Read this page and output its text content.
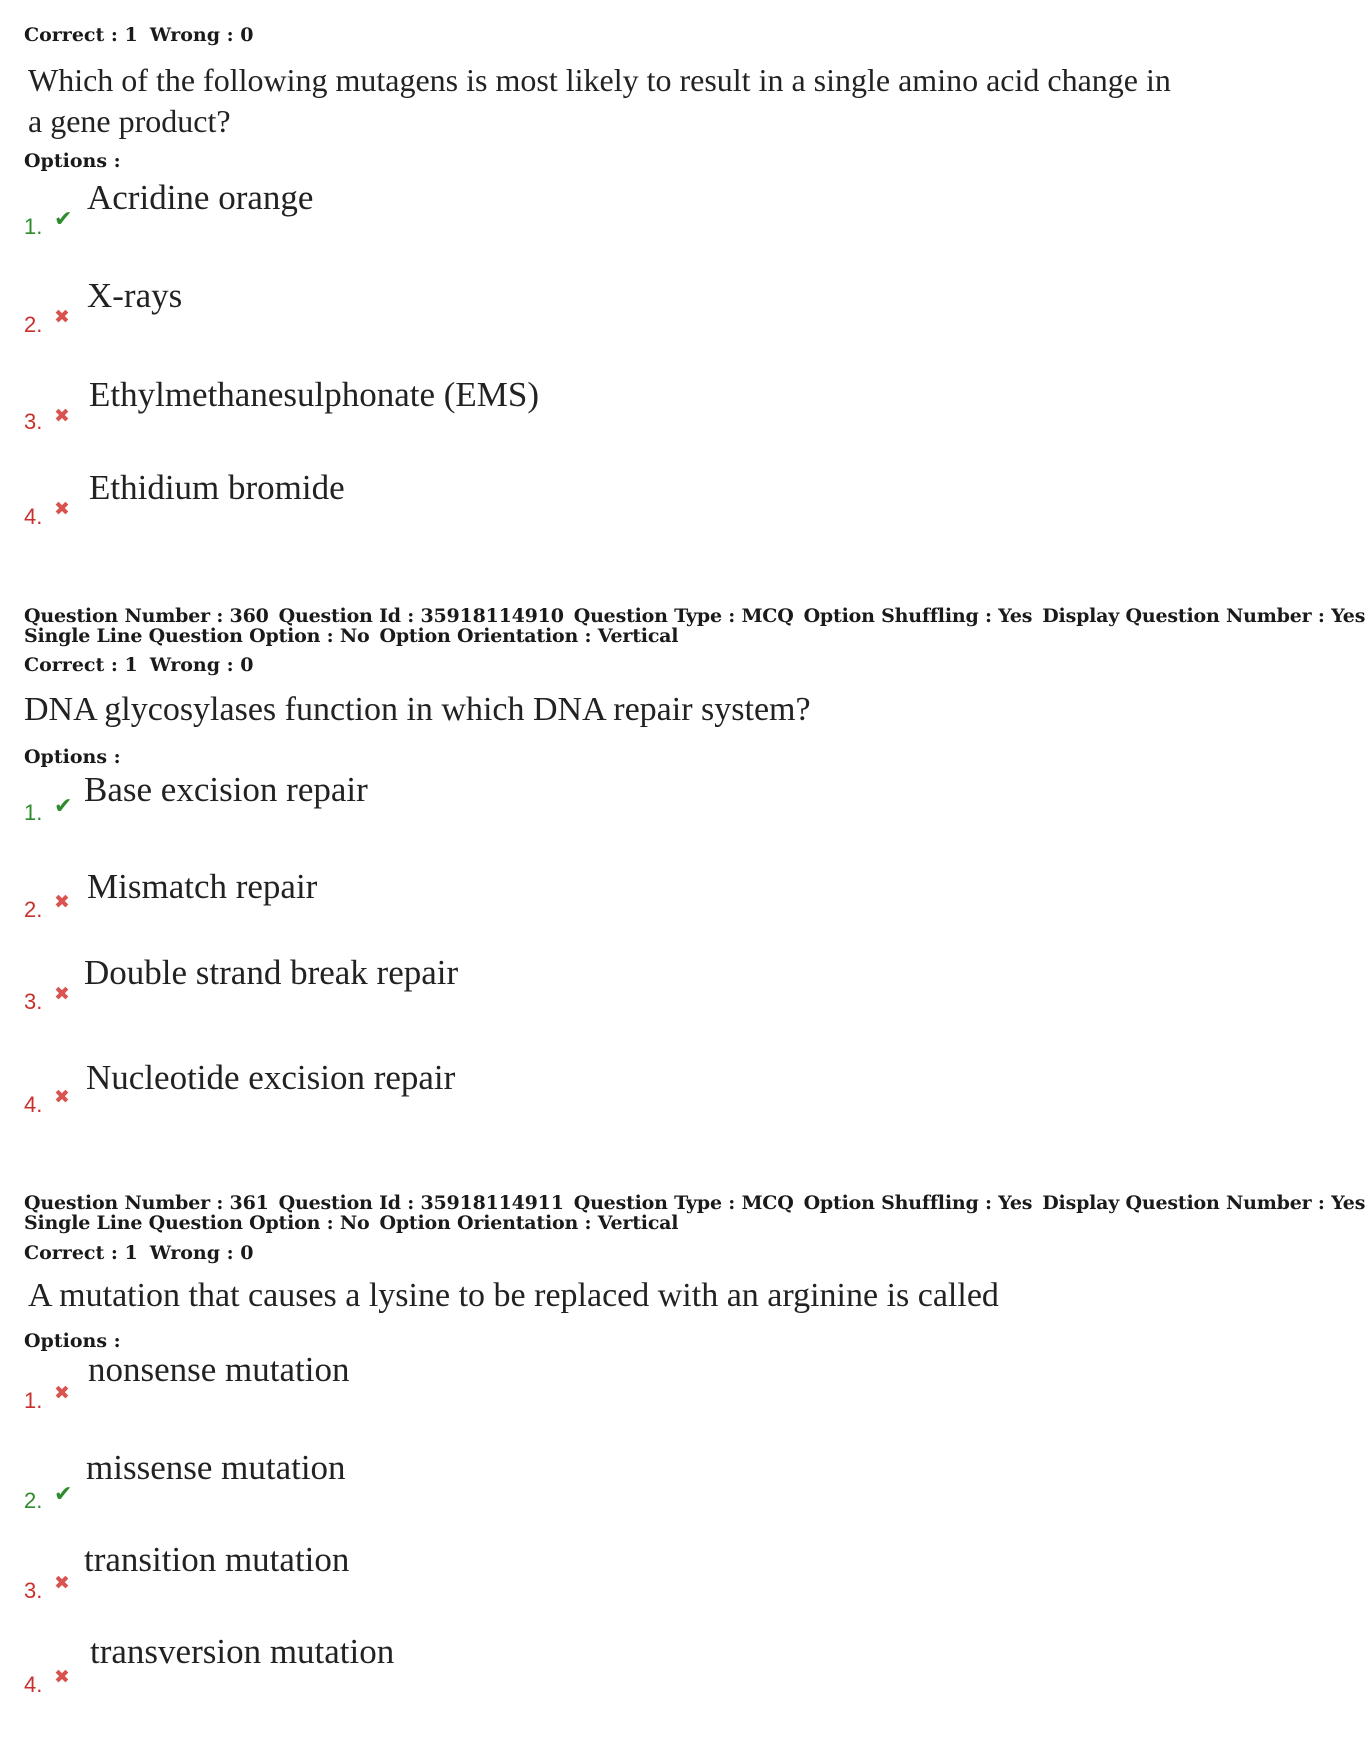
Correct : 1 Wrong : 0
Which of the following mutagens is most likely to result in a single amino acid change in a gene product?
Options :
1. ✔
Acridine orange
2. ✖
X-rays
3. ✖
Ethylmethanesulphonate (EMS)
4. ✖
Ethidium bromide
Question Number : 360 Question Id : 35918114910 Question Type : MCQ Option Shuffling : Yes Display Question Number : Yes
Single Line Question Option : No Option Orientation : Vertical
Correct : 1 Wrong : 0
DNA glycosylases function in which DNA repair system?
Options :
1. ✔ Base excision repair
2. ✖ Mismatch repair
3. ✖
Double strand break repair
4. ✖ Nucleotide excision repair
Question Number : 361 Question Id : 35918114911 Question Type : MCQ Option Shuffling : Yes Display Question Number : Yes
Single Line Question Option : No Option Orientation : Vertical
Correct : 1 Wrong : 0
A mutation that causes a lysine to be replaced with an arginine is called
Options :
1. ✖
nonsense mutation
2. ✔
missense mutation
3. ✖
transition mutation
4. ✖
transversion mutation
